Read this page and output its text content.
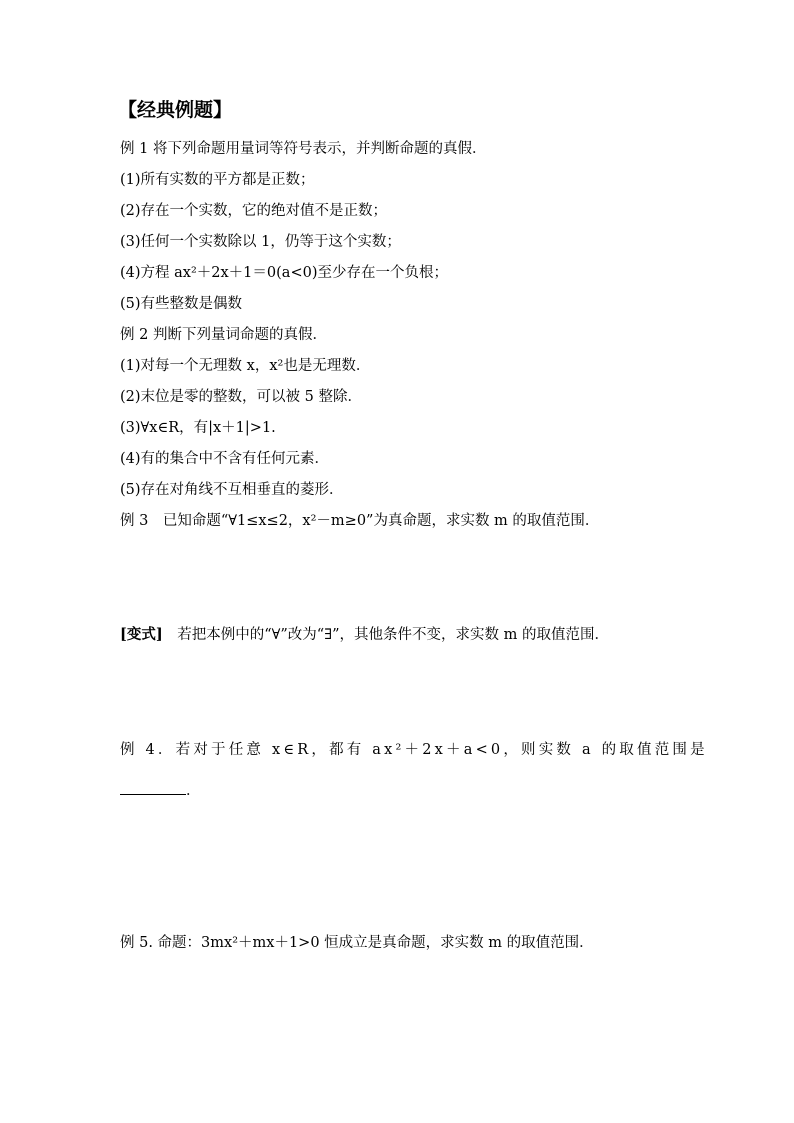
【经典例题】
例 1 将下列命题用量词等符号表示，并判断命题的真假．
(1)所有实数的平方都是正数；
(2)存在一个实数，它的绝对值不是正数；
(3)任何一个实数除以 1，仍等于这个实数；
(4)方程 ax²＋2x＋1＝0(a<0)至少存在一个负根；
(5)有些整数是偶数
例 2 判断下列量词命题的真假．
(1)对每一个无理数 x，x²也是无理数．
(2)末位是零的整数，可以被 5 整除．
(3)∀x∈R，有|x＋1|>1.
(4)有的集合中不含有任何元素．
(5)存在对角线不互相垂直的菱形．
例 3　已知命题“∀1≤x≤2，x²－m≥0”为真命题，求实数 m 的取值范围．
[变式]　若把本例中的“∀”改为“∃”，其他条件不变，求实数 m 的取值范围．
例 4．若对于任意 x∈R，都有 ax²＋2x＋a<0，则实数 a 的取值范围是
．
例 5. 命题：3mx²＋mx＋1>0 恒成立是真命题，求实数 m 的取值范围．
